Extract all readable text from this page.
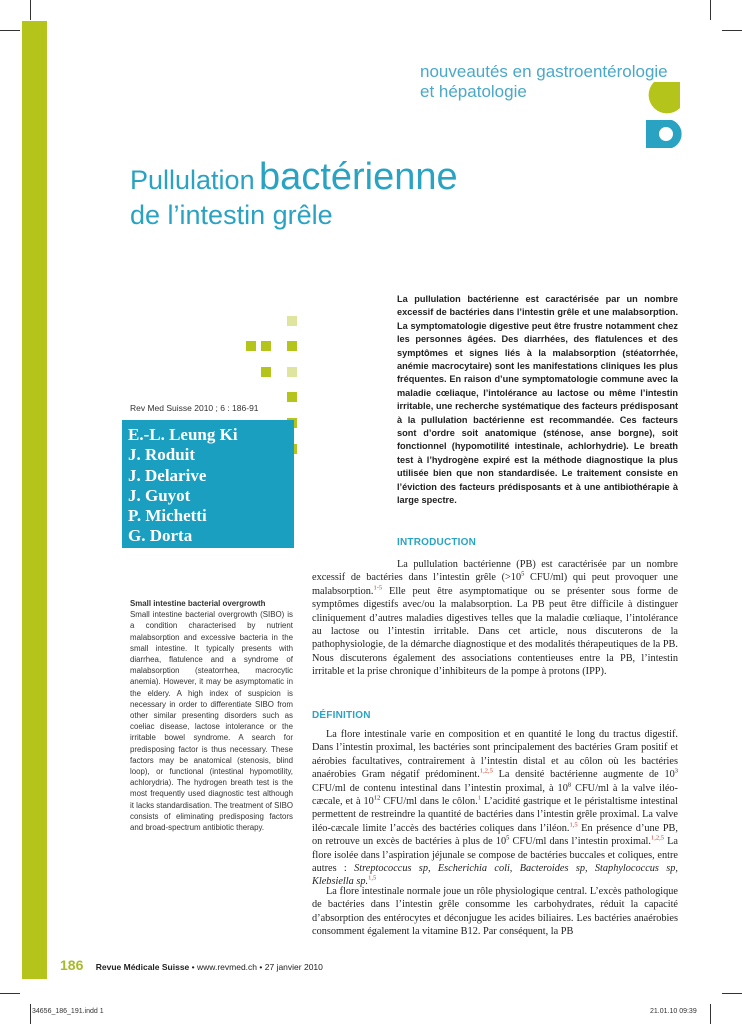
nouveautés en gastroentérologie
et hépatologie
Pullulation bactérienne
de l’intestin grêle
Rev Med Suisse 2010 ; 6 : 186-91
E.-L. Leung Ki
J. Roduit
J. Delarive
J. Guyot
P. Michetti
G. Dorta
La pullulation bactérienne est caractérisée par un nombre excessif de bactéries dans l’intestin grêle et une malabsorption. La symptomatologie digestive peut être frustre notamment chez les personnes âgées. Des diarrhées, des flatulences et des symptômes et signes liés à la malabsorption (stéatorrhée, anémie macrocytaire) sont les manifestations cliniques les plus fréquentes. En raison d’une symptomatologie commune avec la maladie cœliaque, l’intolérance au lactose ou même l’intestin irritable, une recherche systématique des facteurs prédisposant à la pullulation bactérienne est recommandée. Ces facteurs sont d’ordre soit anatomique (sténose, anse borgne), soit fonctionnel (hypomotilité intestinale, achlorhydrie). Le breath test à l’hydrogène expiré est la méthode diagnostique la plus utilisée bien que non standardisée. Le traitement consiste en l’éviction des facteurs prédisposants et à une antibiothérapie à large spectre.
Small intestine bacterial overgrowth
Small intestine bacterial overgrowth (SIBO) is a condition characterised by nutrient malabsorption and excessive bacteria in the small intestine. It typically presents with diarrhea, flatulence and a syndrome of malabsorption (steatorrhea, macrocytic anemia). However, it may be asymptomatic in the eldery. A high index of suspicion is necessary in order to differentiate SIBO from other similar presenting disorders such as coeliac disease, lactose intolerance or the irritable bowel syndrome. A search for predisposing factor is thus necessary. These factors may be anatomical (stenosis, blind loop), or functional (intestinal hypomotility, achlorydria). The hydrogen breath test is the most frequently used diagnostic test although it lacks standardisation. The treatment of SIBO consists of eliminating predisposing factors and broad-spectrum antibiotic therapy.
INTRODUCTION
La pullulation bactérienne (PB) est caractérisée par un nombre excessif de bactéries dans l’intestin grêle ($>10^5$ CFU/ml) qui peut provoquer une malabsorption.$^{1-5}$ Elle peut être asymptomatique ou se présenter sous forme de symptômes digestifs avec/ou la malabsorption. La PB peut être difficile à distinguer cliniquement d’autres maladies digestives telles que la maladie cœliaque, l’intolérance au lactose ou l’intestin irritable. Dans cet article, nous discuterons de la pathophysiologie, de la démarche diagnostique et des modalités thérapeutiques de la PB. Nous discuterons également des associations contentieuses entre la PB, l’intestin irritable et la prise chronique d’inhibiteurs de la pompe à protons (IPP).
DÉFINITION
La flore intestinale varie en composition et en quantité le long du tractus digestif. Dans l’intestin proximal, les bactéries sont principalement des bactéries Gram positif et aérobies facultatives, contrairement à l’intestin distal et au côlon où les bactéries anaérobies Gram négatif prédominent.$^{1,2,5}$ La densité bactérienne augmente de $10^3$ CFU/ml de contenu intestinal dans l’intestin proximal, à $10^8$ CFU/ml à la valve iléo-cæcale, et à $10^{12}$ CFU/ml dans le côlon.$^1$ L’acidité gastrique et le péristaltisme intestinal permettent de restreindre la quantité de bactéries dans l’intestin grêle proximal. La valve iléo-cæcale limite l’accès des bactéries coliques dans l’iléon.$^{1,5}$ En présence d’une PB, on retrouve un excès de bactéries à plus de $10^5$ CFU/ml dans l’intestin proximal.$^{1,2,5}$ La flore isolée dans l’aspiration jéjunale se compose de bactéries buccales et coliques, entre autres : Streptococcus sp, Escherichia coli, Bacteroides sp, Staphylococcus sp, Klebsiella sp.$^{1,5}$
La flore intestinale normale joue un rôle physiologique central. L’excès pathologique de bactéries dans l’intestin grêle consomme les carbohydrates, réduit la capacité d’absorption des entérocytes et déconjugue les acides biliaires. Les bactéries anaérobies consomment également la vitamine B12. Par conséquent, la PB
186 Revue Médicale Suisse • www.revmed.ch • 27 janvier 2010
34656_186_191.indd 1	21.01.10 09:39
